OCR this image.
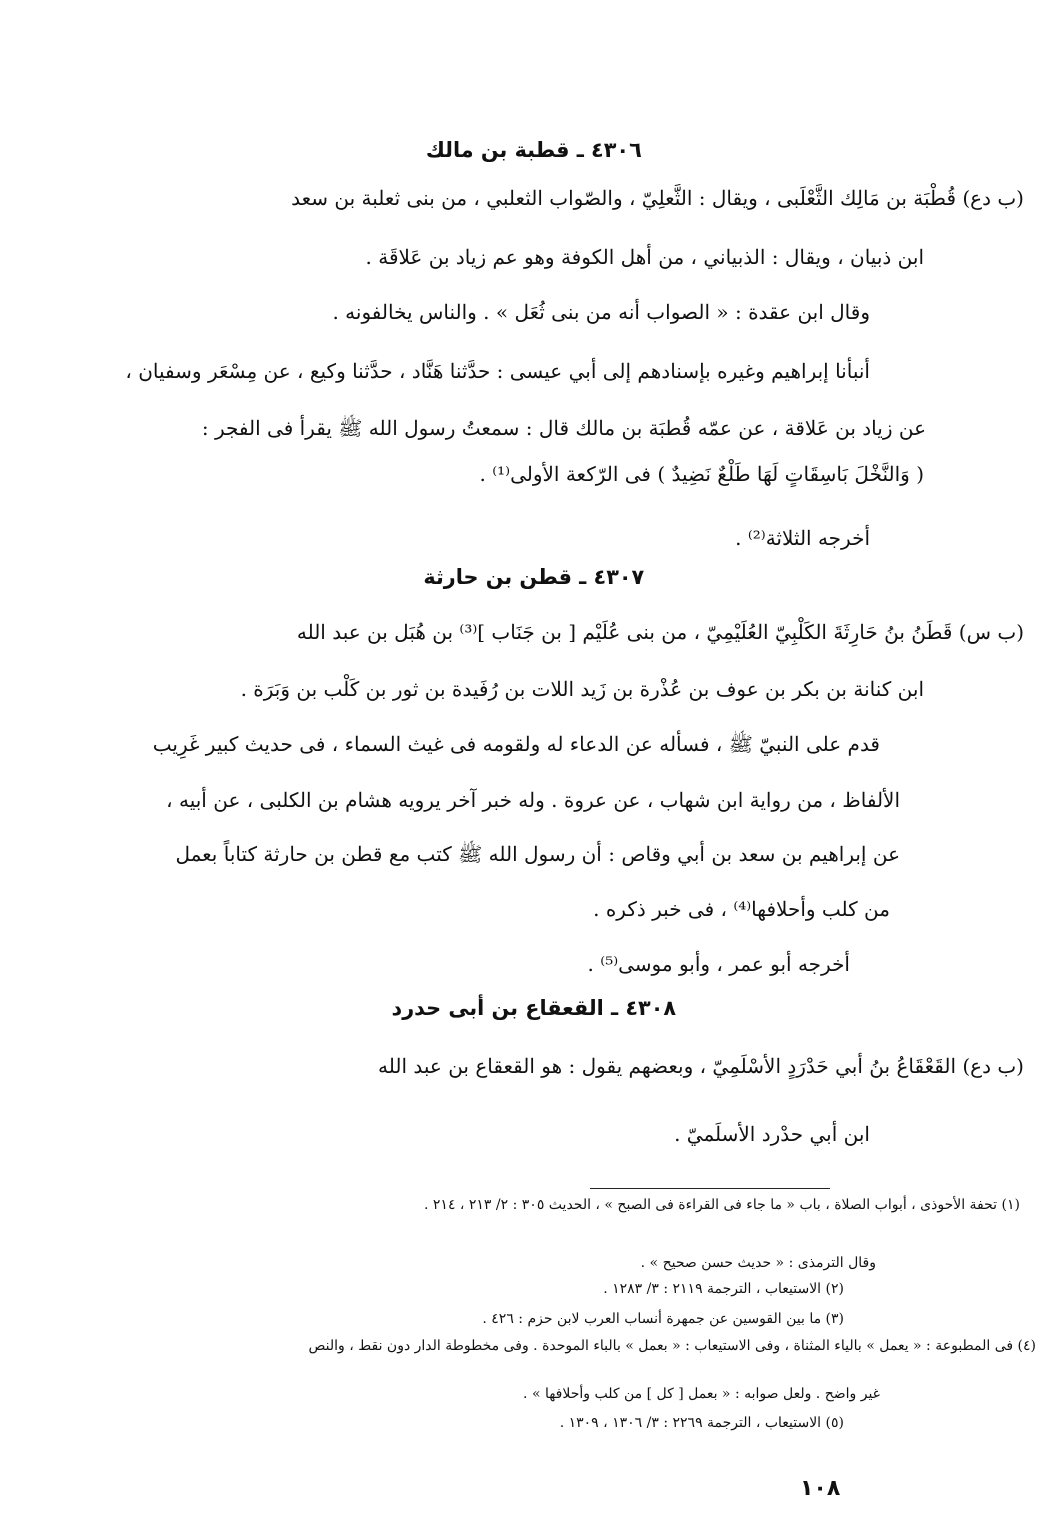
٤٣٠٦ ـ قطبة بن مالك
(ب دع) قُطْبَة بن مَالِك الثَّعْلَبى ، ويقال : الثَّعلِيّ ، والصّواب الثعلبي ، من بنى ثعلبة بن سعد
ابن ذبيان ، ويقال : الذبياني ، من أهل الكوفة وهو عم زياد بن عَلاقَة .
وقال ابن عقدة : « الصواب أنه من بنى ثُعَل » . والناس يخالفونه .
أنبأنا إبراهيم وغيره بإسنادهم إلى أبي عيسى : حدَّثنا هَنَّاد ، حدَّثنا وكيع ، عن مِسْعَر وسفيان ،
عن زياد بن عَلاقة ، عن عمّه قُطبَة بن مالك قال : سمعتُ رسول الله ﷺ يقرأ فى الفجر :
( وَالنَّخْلَ بَاسِقَاتٍ لَهَا طَلْعٌ نَضِيدٌ ) فى الرّكعة الأولى⁽¹⁾ .
أخرجه الثلاثة⁽²⁾ .
٤٣٠٧ ـ قطن بن حارثة
(ب س) قَطَنُ بنُ حَارِثَةَ الكَلْبِيّ العُلَيْمِيّ ، من بنى عُلَيْم [ بن جَنَاب ]⁽³⁾ بن هُبَل بن عبد الله
ابن كنانة بن بكر بن عوف بن عُذْرة بن زَيد اللات بن رُفَيدة بن ثور بن كَلْب بن وَبَرَة .
قدم على النبيّ ﷺ ، فسأله عن الدعاء له ولقومه فى غيث السماء ، فى حديث كبير غَرِيب
الألفاظ ، من رواية ابن شهاب ، عن عروة . وله خبر آخر يرويه هشام بن الكلبى ، عن أبيه ،
عن إبراهيم بن سعد بن أبي وقاص : أن رسول الله ﷺ كتب مع قطن بن حارثة كتاباً بعمل
من كلب وأحلافها⁽⁴⁾ ، فى خبر ذكره .
أخرجه أبو عمر ، وأبو موسى⁽⁵⁾ .
٤٣٠٨ ـ القعقاع بن أبى حدرد
(ب دع) القَعْقَاعُ بنُ أبي حَدْرَدٍ الأسْلَمِيّ ، وبعضهم يقول : هو القعقاع بن عبد الله
ابن أبي حدْرد الأسلَميّ .
(١) تحفة الأحوذى ، أبواب الصلاة ، باب « ما جاء فى القراءة فى الصبح » ، الحديث ٣٠٥ : ٢/ ٢١٣ ، ٢١٤ .
وقال الترمذى : « حديث حسن صحيح » .
(٢) الاستيعاب ، الترجمة ٢١١٩ : ٣/ ١٢٨٣ .
(٣) ما بين القوسين عن جمهرة أنساب العرب لابن حزم : ٤٢٦ .
(٤) فى المطبوعة : « يعمل » بالياء المثناة ، وفى الاستيعاب : « بعمل » بالباء الموحدة . وفى مخطوطة الدار دون نقط ، والنص
غير واضح . ولعل صوابه : « بعمل [ كل ] من كلب وأحلافها » .
(٥) الاستيعاب ، الترجمة ٢٢٦٩ : ٣/ ١٣٠٦ ، ١٣٠٩ .
١٠٨
